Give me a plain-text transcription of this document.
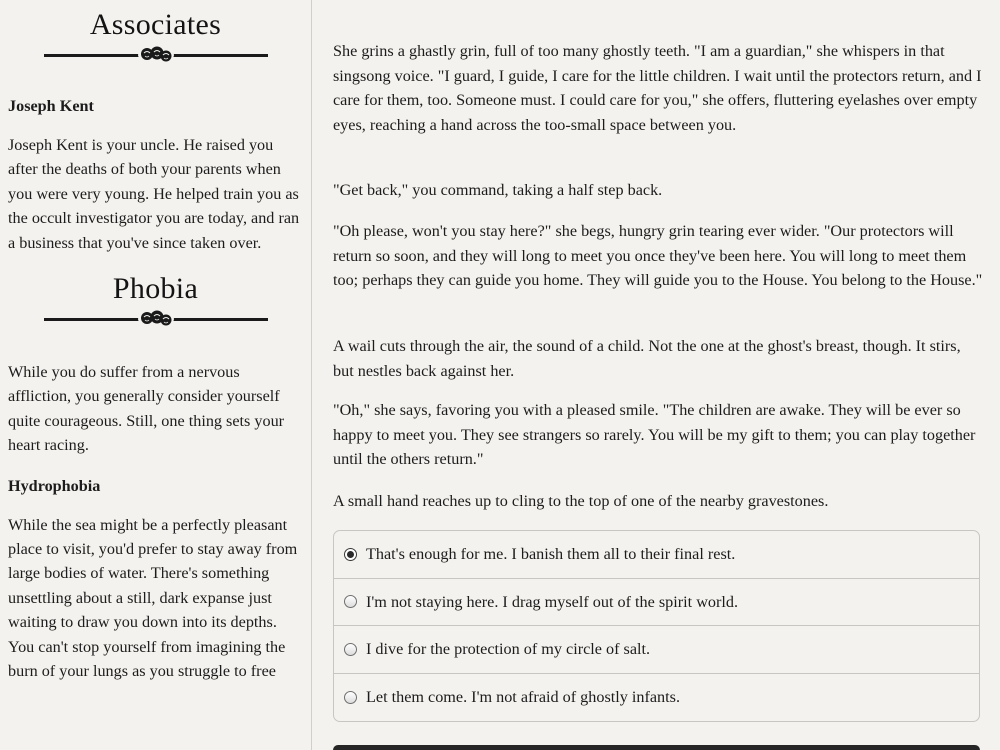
Associates

Joseph Kent

Joseph Kent is your uncle. He raised you after the deaths of both your parents when you were very young. He helped train you as the occult investigator you are today, and ran a business that you've since taken over.

Phobia

While you do suffer from a nervous affliction, you generally consider yourself quite courageous. Still, one thing sets your heart racing.

Hydrophobia

While the sea might be a perfectly pleasant place to visit, you'd prefer to stay away from large bodies of water. There's something unsettling about a still, dark expanse just waiting to draw you down into its depths. You can't stop yourself from imagining the burn of your lungs as you struggle to free

She grins a ghastly grin, full of too many ghostly teeth. "I am a guardian," she whispers in that singsong voice. "I guard, I guide, I care for the little children. I wait until the protectors return, and I care for them, too. Someone must. I could care for you," she offers, fluttering eyelashes over empty eyes, reaching a hand across the too-small space between you.

"Get back," you command, taking a half step back.

"Oh please, won't you stay here?" she begs, hungry grin tearing ever wider. "Our protectors will return so soon, and they will long to meet you once they've been here. You will long to meet them too; perhaps they can guide you home. They will guide you to the House. You belong to the House."

A wail cuts through the air, the sound of a child. Not the one at the ghost's breast, though. It stirs, but nestles back against her.

"Oh," she says, favoring you with a pleased smile. "The children are awake. They will be ever so happy to meet you. They see strangers so rarely. You will be my gift to them; you can play together until the others return."

A small hand reaches up to cling to the top of one of the nearby gravestones.

That's enough for me. I banish them all to their final rest.
I'm not staying here. I drag myself out of the spirit world.
I dive for the protection of my circle of salt.
Let them come. I'm not afraid of ghostly infants.
